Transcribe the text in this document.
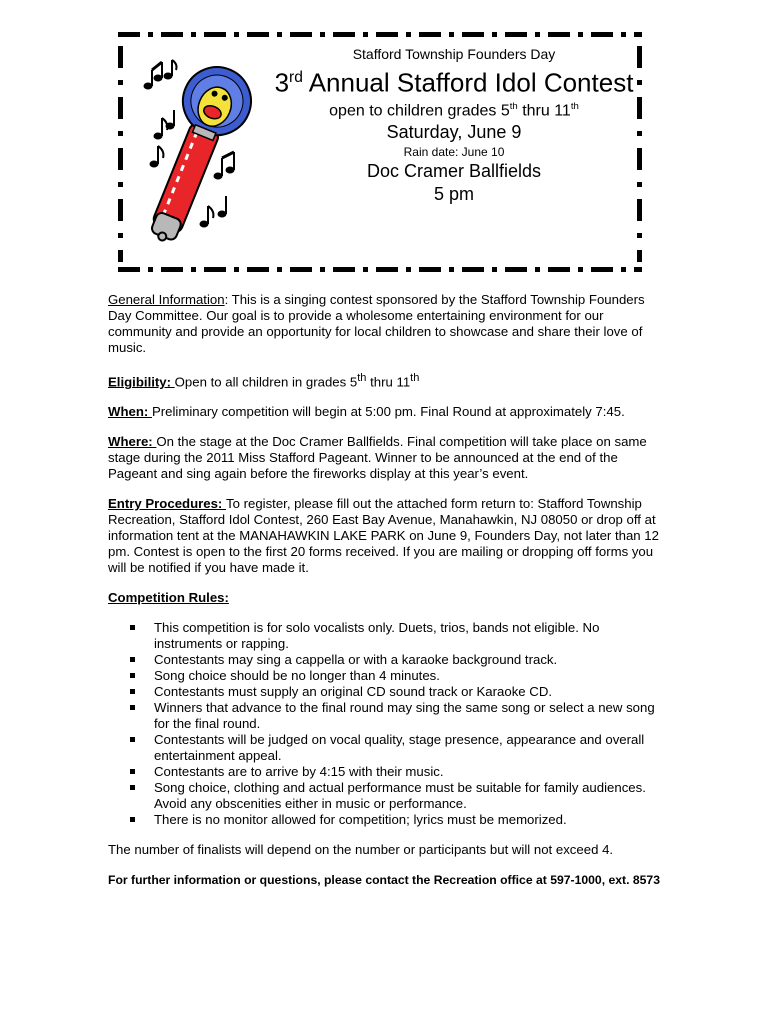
Stafford Township Founders Day
3rd Annual Stafford Idol Contest
open to children grades 5th thru 11th
Saturday, June 9
Rain date: June 10
Doc Cramer Ballfields
5 pm

General Information: This is a singing contest sponsored by the Stafford Township Founders Day Committee. Our goal is to provide a wholesome entertaining environment for our community and provide an opportunity for local children to showcase and share their love of music.

Eligibility: Open to all children in grades 5th thru 11th

When: Preliminary competition will begin at 5:00 pm. Final Round at approximately 7:45.

Where: On the stage at the Doc Cramer Ballfields. Final competition will take place on same stage during the 2011 Miss Stafford Pageant. Winner to be announced at the end of the Pageant and sing again before the fireworks display at this year’s event.

Entry Procedures: To register, please fill out the attached form return to: Stafford Township Recreation, Stafford Idol Contest, 260 East Bay Avenue, Manahawkin, NJ 08050 or drop off at information tent at the MANAHAWKIN LAKE PARK on June 9, Founders Day, not later than 12 pm. Contest is open to the first 20 forms received. If you are mailing or dropping off forms you will be notified if you have made it.

Competition Rules:

This competition is for solo vocalists only. Duets, trios, bands not eligible. No instruments or rapping.
Contestants may sing a cappella or with a karaoke background track.
Song choice should be no longer than 4 minutes.
Contestants must supply an original CD sound track or Karaoke CD.
Winners that advance to the final round may sing the same song or select a new song for the final round.
Contestants will be judged on vocal quality, stage presence, appearance and overall entertainment appeal.
Contestants are to arrive by 4:15 with their music.
Song choice, clothing and actual performance must be suitable for family audiences. Avoid any obscenities either in music or performance.
There is no monitor allowed for competition; lyrics must be memorized.

The number of finalists will depend on the number or participants but will not exceed 4.

For further information or questions, please contact the Recreation office at 597-1000, ext. 8573
